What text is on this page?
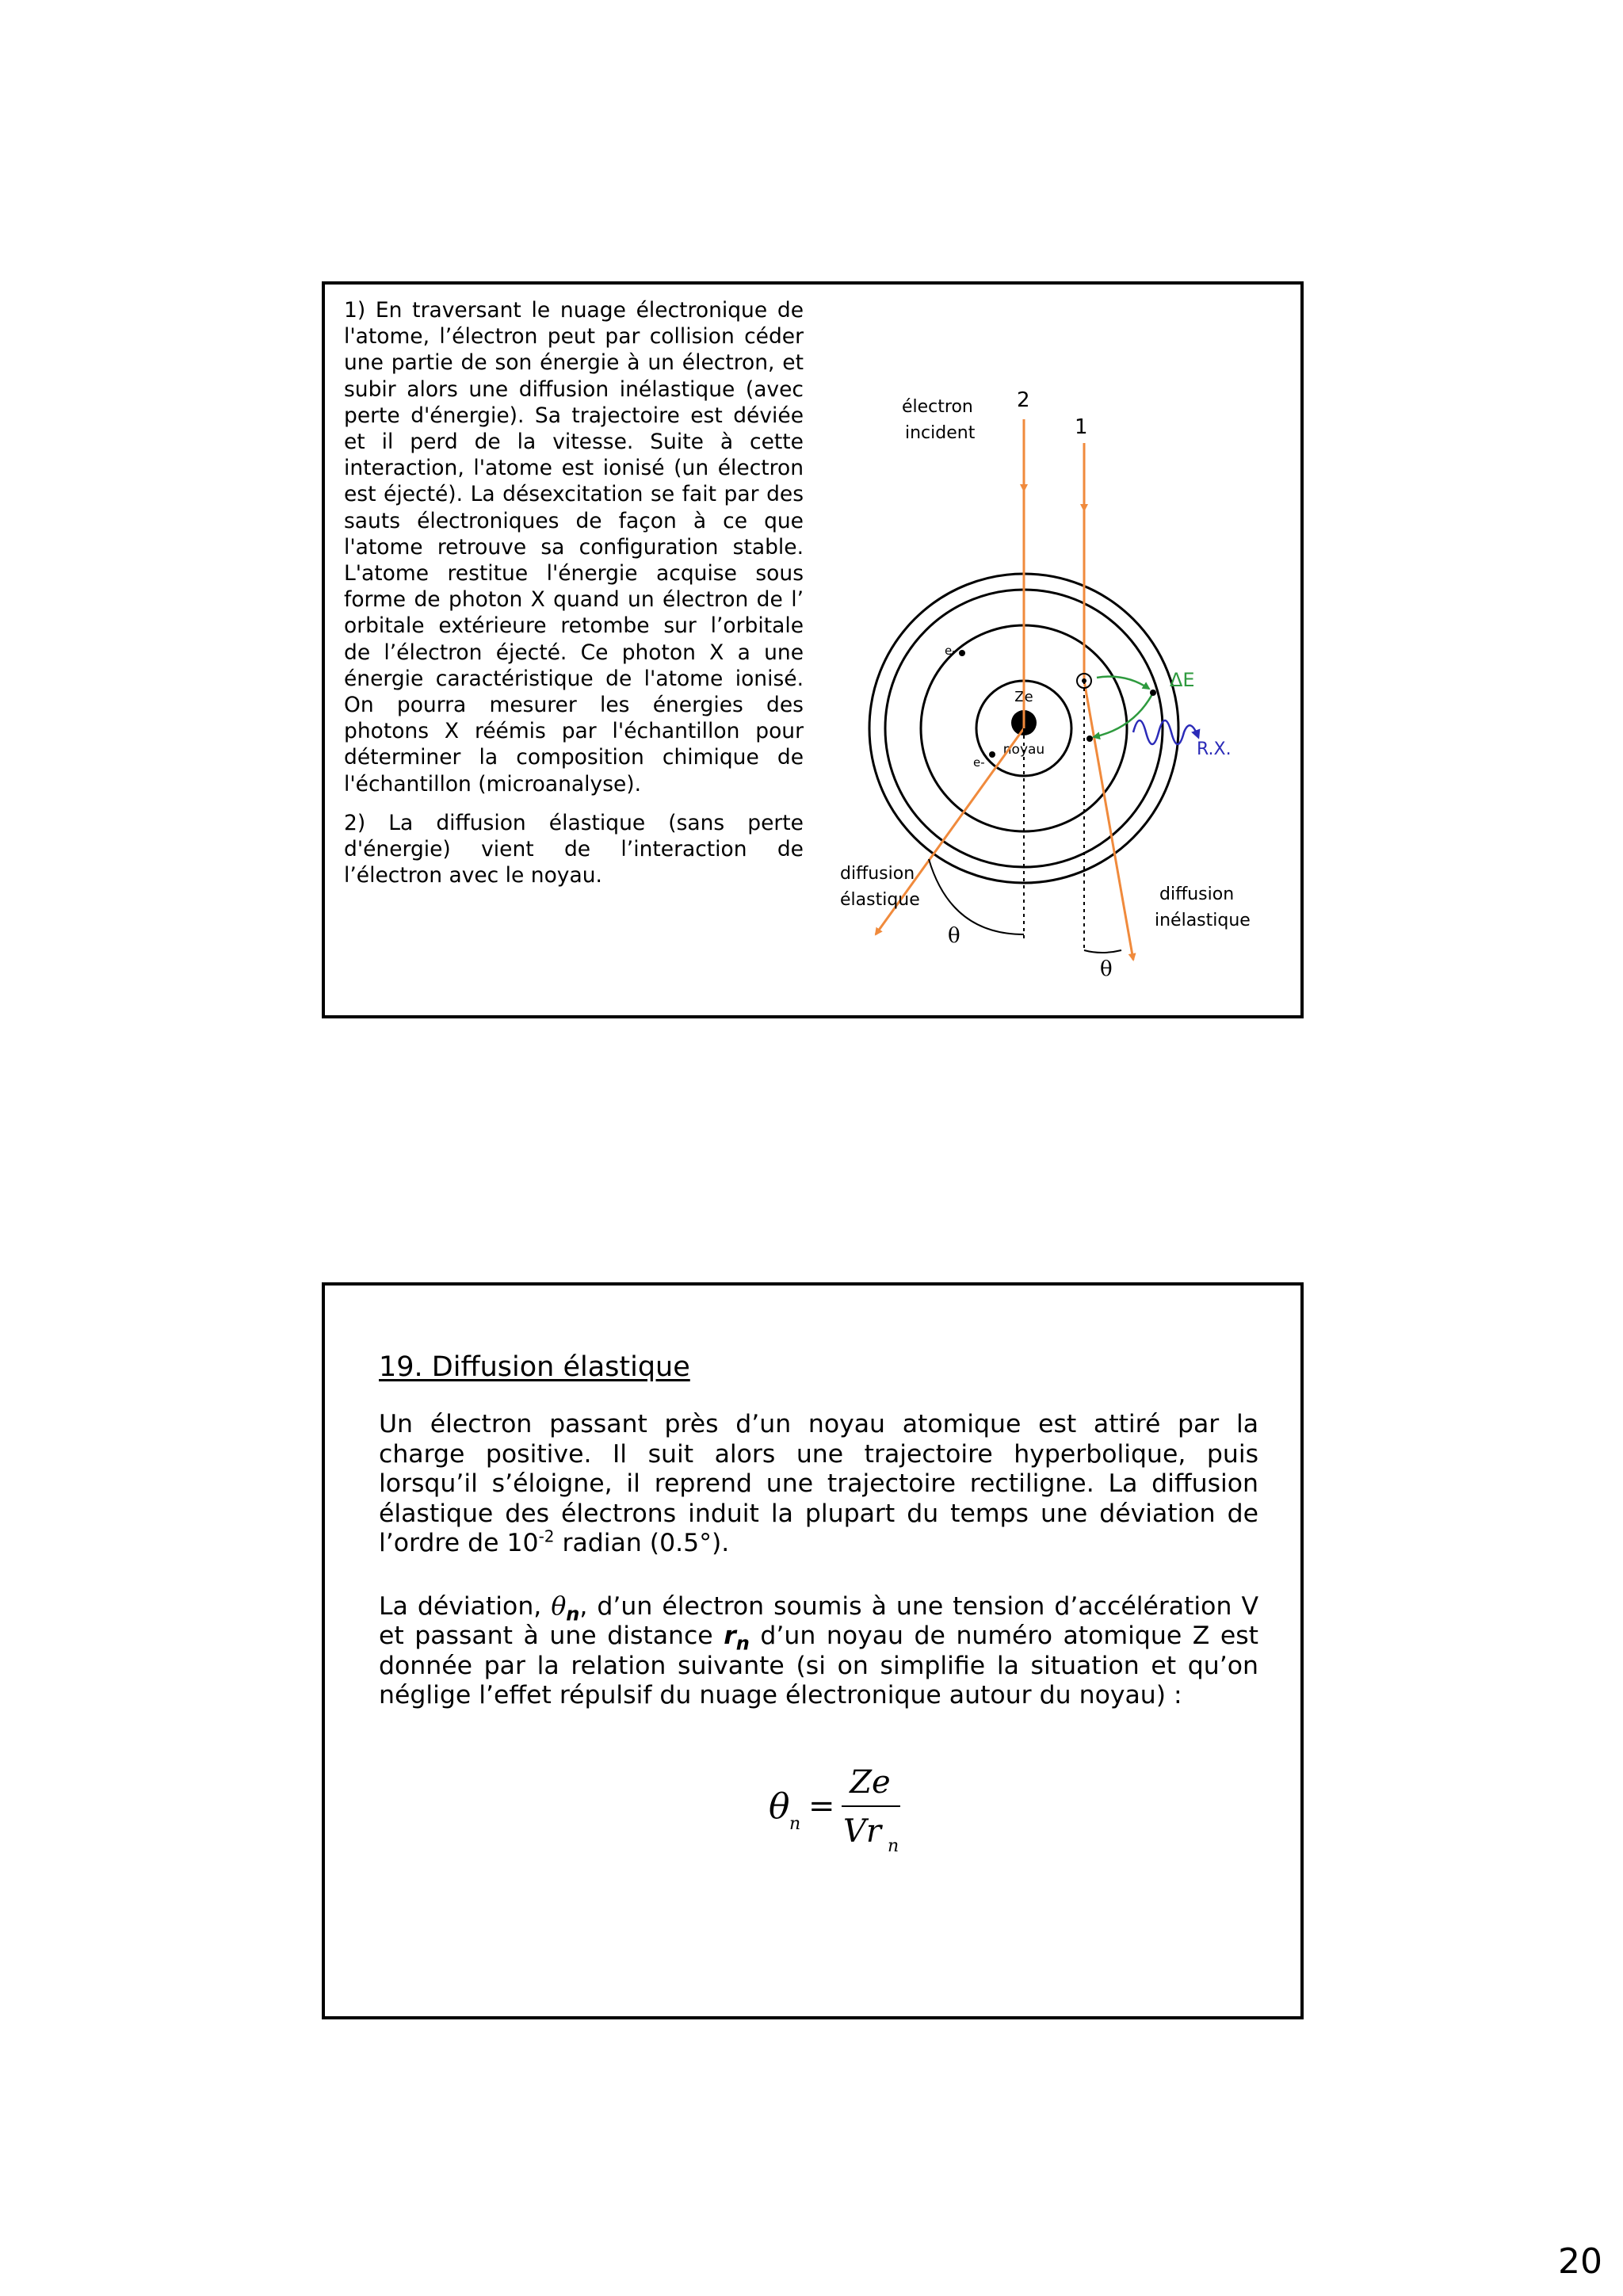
1) En traversant le nuage électronique de l'atome, l’électron peut par collision céder une partie de son énergie à un électron, et subir alors une diffusion inélastique (avec perte d'énergie). Sa trajectoire est déviée et il perd de la vitesse. Suite à cette interaction, l'atome est ionisé (un électron est éjecté). La désexcitation se fait par des sauts électroniques de façon à ce que l'atome retrouve sa configuration stable. L'atome restitue l'énergie acquise sous forme de photon X quand un électron de l’ orbitale extérieure retombe sur l’orbitale de l’électron éjecté. Ce photon X a une énergie caractéristique de l'atome ionisé. On pourra mesurer les énergies des photons X réémis par l'échantillon pour déterminer la composition chimique de l'échantillon (microanalyse).

2) La diffusion élastique (sans perte d'énergie) vient de l’interaction de l’électron avec le noyau.

Ze
noyau
e-
e-
électron
incident
2
1
θ
diffusion
élastique
θ
diffusion
inélastique
ΔE
R.X.
19. Diffusion élastique

Un électron passant près d’un noyau atomique est attiré par la charge positive. Il suit alors une trajectoire hyperbolique, puis lorsqu’il s’éloigne, il reprend une trajectoire rectiligne. La diffusion élastique des électrons induit la plupart du temps une déviation de l’ordre de $10^{-2}$ radian (0.5°).

La déviation, $\theta_n$, d’un électron soumis à une tension d’accélération V et passant à une distance $r_n$ d’un noyau de numéro atomique Z est donnée par la relation suivante (si on simplifie la situation et qu’on néglige l’effet répulsif du nuage électronique autour du noyau) :

θ n =
Ze
Vr n
20
